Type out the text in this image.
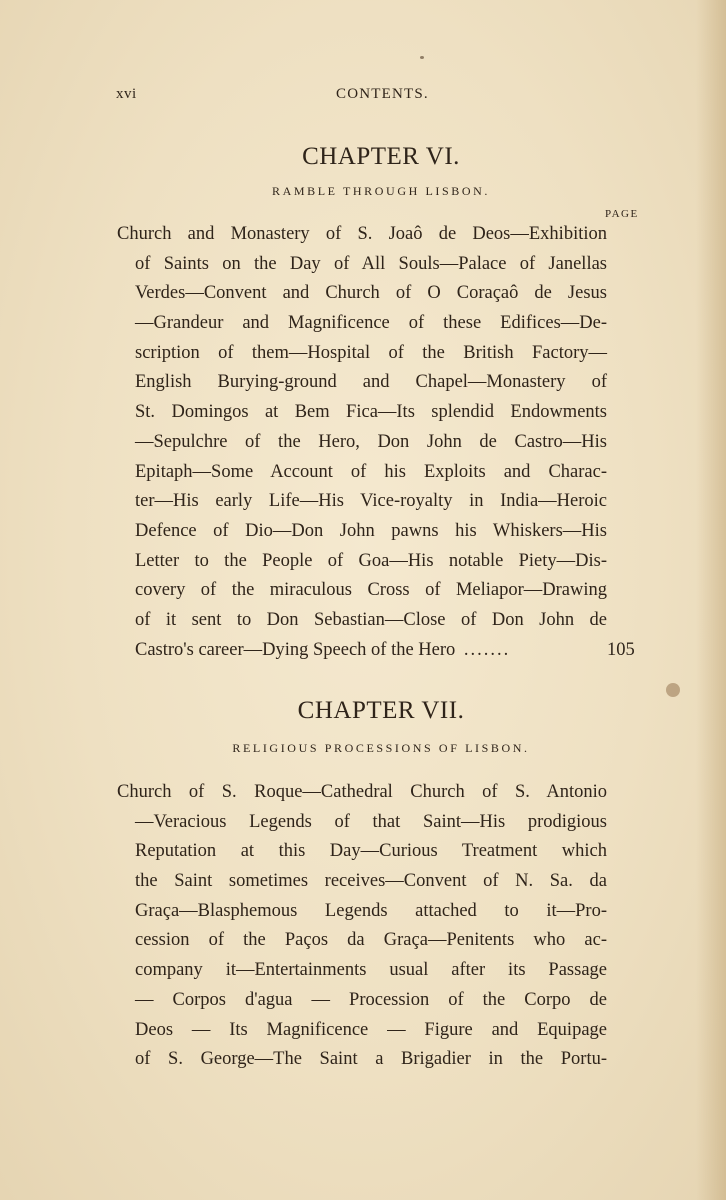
xvi	CONTENTS.
CHAPTER VI.
RAMBLE THROUGH LISBON.
PAGE
Church and Monastery of S. Joaô de Deos—Exhibition
of Saints on the Day of All Souls—Palace of Janellas
Verdes—Convent and Church of O Coraçaô de Jesus
—Grandeur and Magnificence of these Edifices—De-
scription of them—Hospital of the British Factory—
English Burying-ground and Chapel—Monastery of
St. Domingos at Bem Fica—Its splendid Endowments
—Sepulchre of the Hero, Don John de Castro—His
Epitaph—Some Account of his Exploits and Charac-
ter—His early Life—His Vice-royalty in India—Heroic
Defence of Dio—Don John pawns his Whiskers—His
Letter to the People of Goa—His notable Piety—Dis-
covery of the miraculous Cross of Meliapor—Drawing
of it sent to Don Sebastian—Close of Don John de
Castro's career—Dying Speech of the Hero .......	105
CHAPTER VII.
RELIGIOUS PROCESSIONS OF LISBON.
Church of S. Roque—Cathedral Church of S. Antonio
—Veracious Legends of that Saint—His prodigious
Reputation at this Day—Curious Treatment which
the Saint sometimes receives—Convent of N. Sa. da
Graça—Blasphemous Legends attached to it—Pro-
cession of the Paços da Graça—Penitents who ac-
company it—Entertainments usual after its Passage
— Corpos d'agua — Procession of the Corpo de
Deos — Its Magnificence — Figure and Equipage
of S. George—The Saint a Brigadier in the Portu-
